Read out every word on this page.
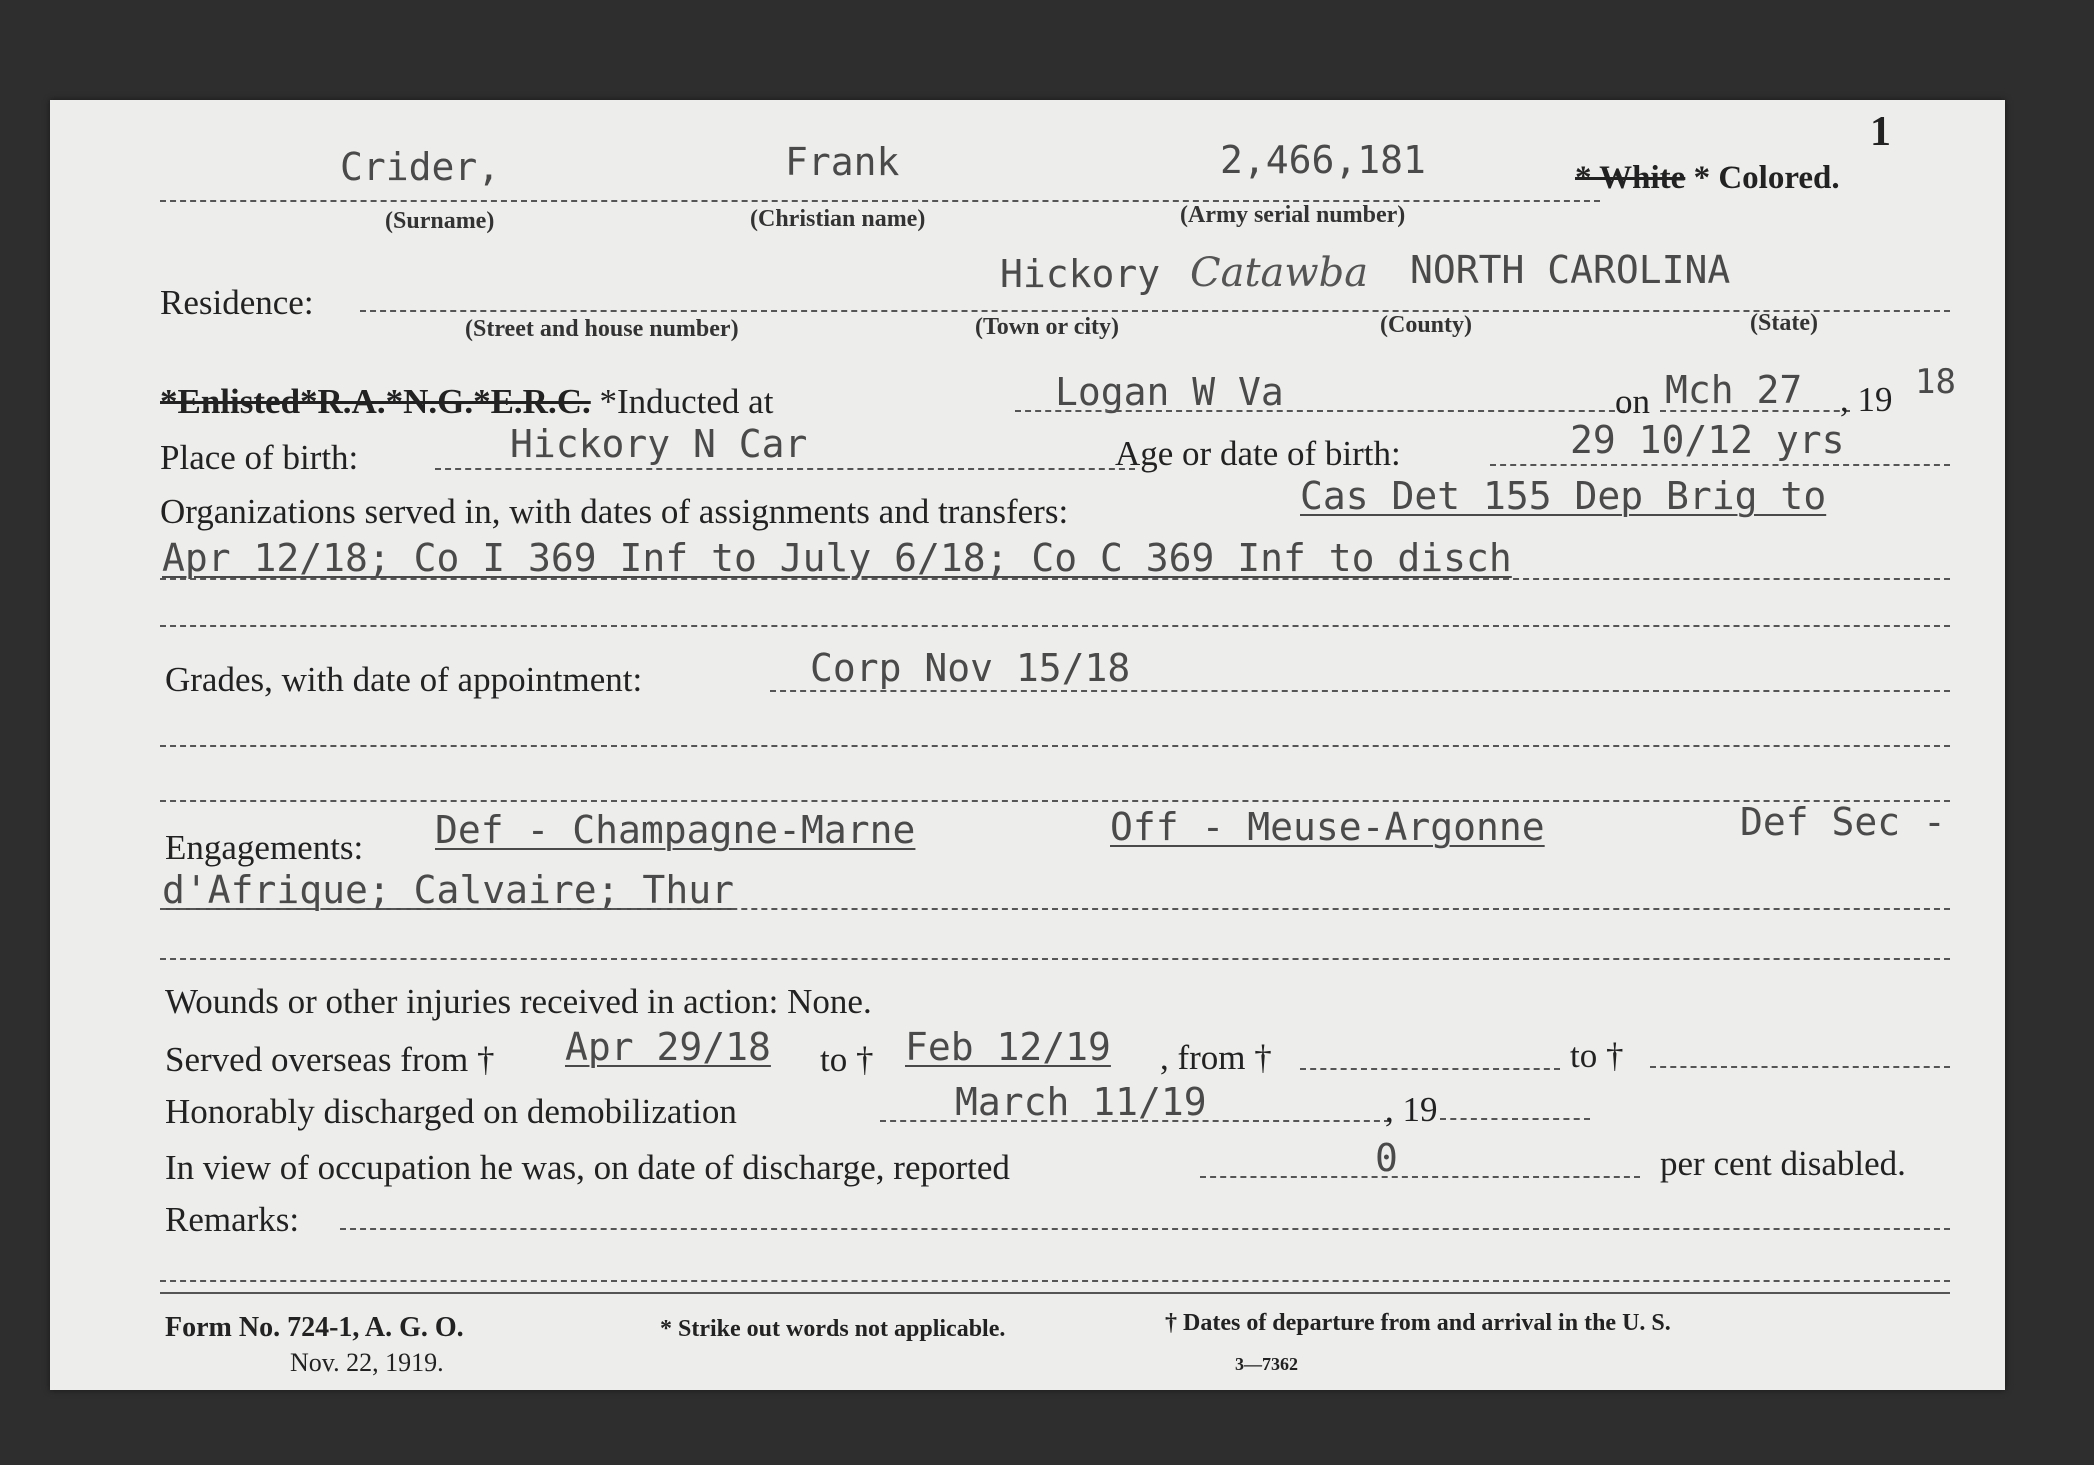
1
Crider,	Frank	2,466,181	* White * Colored.
(Surname)	(Christian name)	(Army serial number)
Residence:
Hickory Catawba NORTH CAROLINA
(Street and house number)	(Town or city)	(County)	(State)
*Enlisted*R.A.*N.G.*E.R.C. *Inducted at	Logan W Va	on Mch 27 , 19 18
Place of birth:	Hickory N Car	Age or date of birth:	29 10/12 yrs
Organizations served in, with dates of assignments and transfers:	Cas Det 155 Dep Brig to
Apr 12/18; Co I 369 Inf to July 6/18; Co C 369 Inf to disch
Grades, with date of appointment:	Corp Nov 15/18
Engagements: Def - Champagne-Marne	Off - Meuse-Argonne	Def Sec -
d'Afrique; Calvaire; Thur
Wounds or other injuries received in action: None.
Served overseas from † Apr 29/18 to † Feb 12/19 , from †	to †
Honorably discharged on demobilization	March 11/19	, 19
In view of occupation he was, on date of discharge, reported	0	per cent disabled.
Remarks:
Form No. 724-1, A. G. O.
Nov. 22, 1919.
* Strike out words not applicable.	† Dates of departure from and arrival in the U. S.
3—7362
